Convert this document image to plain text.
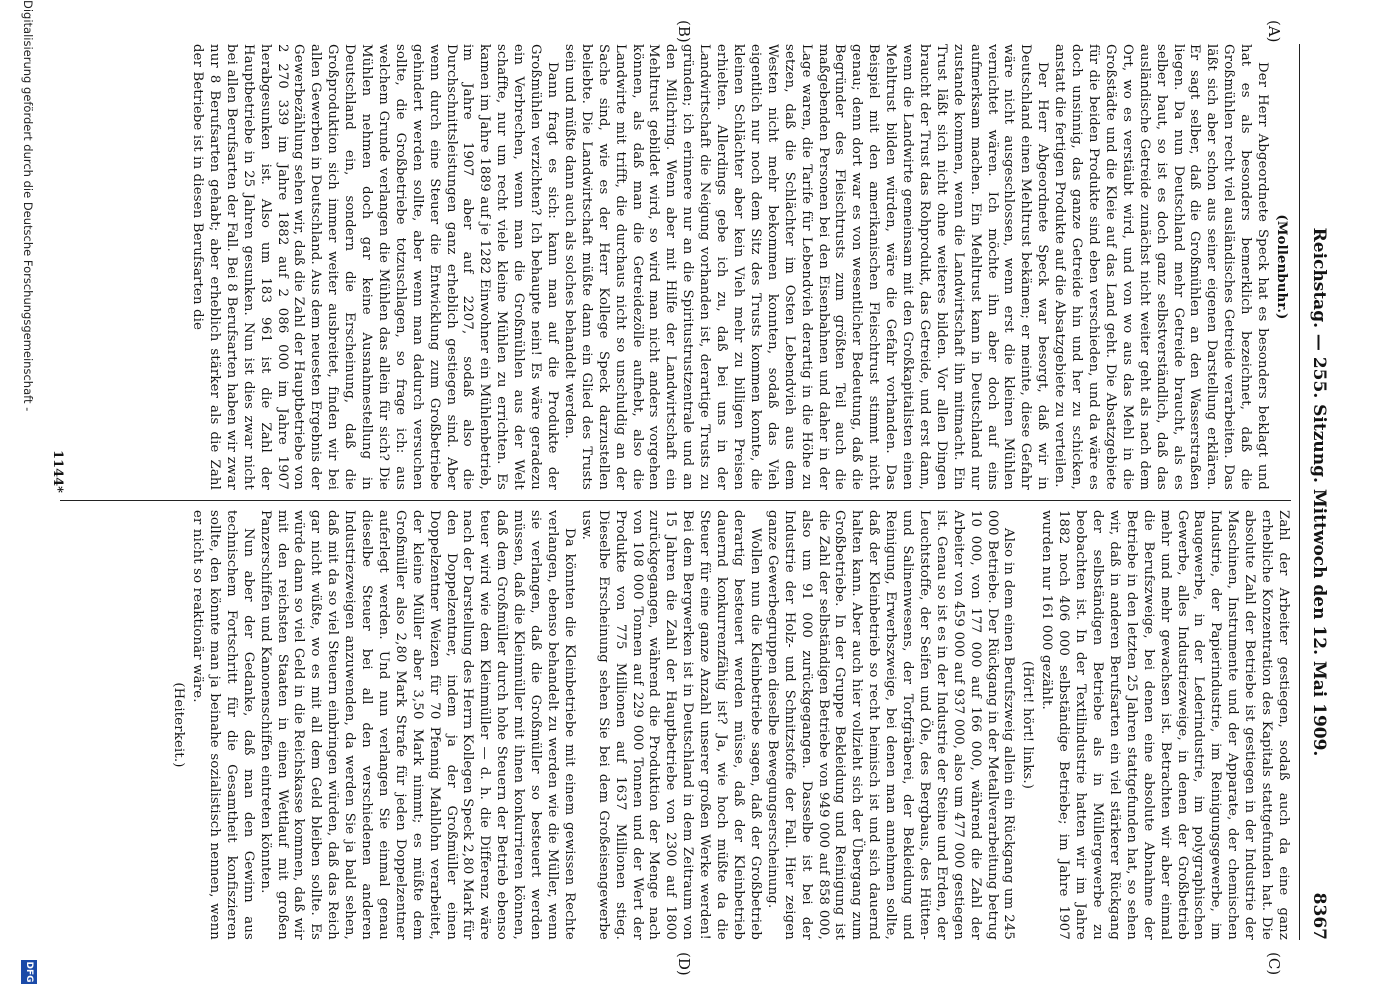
Reichstag. — 255. Sitzung. Mittwoch den 12. Mai 1909.
8367
(A)
(B)
(C)
(D)

(Mollenbuhr.)

Der Herr Abgeordnete Speck hat es besonders beklagt und hat es als besonders bemerklich bezeichnet, daß die Großmühlen recht viel ausländisches Getreide verarbeiten. Das läßt sich aber schon aus seiner eigenen Darstellung erklären. Er sagt selber, daß die Großmühlen an den Wasserstraßen liegen. Da nun Deutschland mehr Getreide braucht, als es selber baut, so ist es doch ganz selbstverständlich, daß das ausländische Getreide zunächst nicht weiter geht als nach dem Ort, wo es verstäubt wird, und von wo aus das Mehl in die Großstädte und die Kleie auf das Land geht. Die Absatzgebiete für die beiden Produkte sind eben verschieden, und da wäre es doch unsinnig, das ganze Getreide hin und her zu schicken, anstatt die fertigen Produkte auf die Absatzgebiete zu verteilen.

Der Herr Abgeordnete Speck war besorgt, daß wir in Deutschland einen Mehltrust bekämen; er meinte, diese Gefahr wäre nicht ausgeschlossen, wenn erst die kleinen Mühlen vernichtet wären. Ich möchte ihn aber doch auf eins aufmerksam machen. Ein Mehltrust kann in Deutschland nur zustande kommen, wenn die Landwirtschaft ihn mitmacht. Ein Trust läßt sich nicht ohne weiteres bilden. Vor allen Dingen braucht der Trust das Rohprodukt, das Getreide, und erst dann, wenn die Landwirte gemeinsam mit den Großkapitalisten einen Mehltrust bilden würden, wäre die Gefahr vorhanden. Das Beispiel mit den amerikanischen Fleischtrust stimmt nicht genau; denn dort war es von wesentlicher Bedeutung, daß die Begründer des Fleischtrusts zum größten Teil auch die maßgebenden Personen bei den Eisenbahnen und daher in der Lage waren, die Tarife für Lebendvieh derartig in die Höhe zu setzen, daß die Schlächter im Osten Lebendvieh aus dem Westen nicht mehr bekommen konnten, sodaß das Vieh eigentlich nur noch dem Sitz des Trusts kommen konnte, die kleinen Schlächter aber kein Vieh mehr zu billigen Preisen erhielten. Allerdings gebe ich zu, daß bei uns in der Landwirtschaft die Neigung vorhanden ist, derartige Trusts zu gründen; ich erinnere nur an die Spiritustrustzentrale und an den Milchring. Wenn aber mit Hilfe der Landwirtschaft ein Mehltrust gebildet wird, so wird man nicht anders vorgehen können, als daß man die Getreidezölle aufhebt, also die Landwirte mit trifft, die durchaus nicht so unschuldig an der Sache sind, wie es der Herr Kollege Speck darzustellen beliebte. Die Landwirtschaft müßte dann ein Glied des Trusts sein und müßte dann auch als solches behandelt werden.

Dann fragt es sich: kann man auf die Produkte der Großmühlen verzichten? Ich behaupte nein! Es wäre geradezu ein Verbrechen, wenn man die Großmühlen aus der Welt schaffte, nur um recht viele kleine Mühlen zu errichten. Es kamen im Jahre 1889 auf je 1282 Einwohner ein Mühlenbetrieb, im Jahre 1907 aber auf 2207, sodaß also die Durchschnittsleistungen ganz erheblich gestiegen sind. Aber wenn durch eine Steuer die Entwicklung zum Großbetriebe gehindert werden sollte, aber wenn man dadurch versuchen sollte, die Großbetriebe totzuschlagen, so frage ich: aus welchem Grunde verlangen die Mühlen das allein für sich? Die Mühlen nehmen doch gar keine Ausnahmestellung in Deutschland ein, sondern die Erscheinung, daß die Großproduktion sich immer weiter ausbreitet, finden wir bei allen Gewerben in Deutschland. Aus dem neuesten Ergebnis der Gewerbezählung sehen wir, daß die Zahl der Hauptbetriebe von 2 270 339 im Jahre 1882 auf 2 086 000 im Jahre 1907 herabgesunken ist. Also um 183 961 ist die Zahl der Hauptbetriebe in 25 Jahren gesunken. Nun ist dies zwar nicht bei allen Berufsarten der Fall. Bei 8 Berufsarten haben wir zwar nur 8 Berufsarten gehabt; aber erheblich stärker als die Zahl der Betriebe ist in diesen Berufsarten die

Zahl der Arbeiter gestiegen, sodaß auch da eine ganz erhebliche Konzentration des Kapitals stattgefunden hat. Die absolute Zahl der Betriebe ist gestiegen in der Industrie der Maschinen, Instrumente und der Apparate, der chemischen Industrie, der Papierindustrie, im Reinigungsgewerbe, im Baugewerbe, in der Lederindustrie, im polygraphischen Gewerbe, alles Industriezweige, in denen der Großbetrieb mehr und mehr gewachsen ist. Betrachten wir aber einmal die Berufszweige, bei denen eine absolute Abnahme der Betriebe in den letzten 25 Jahren stattgefunden hat, so sehen wir, daß in anderen Berufsarten ein viel stärkerer Rückgang der selbständigen Betriebe als in Müllergewerbe zu beobachten ist. In der Textilindustrie hatten wir im Jahre 1882 noch 406 000 selbständige Betriebe; im Jahre 1907 wurden nur 161 000 gezählt.

(Hört! hört! links.)

Also in dem einen Berufszweig allein ein Rückgang um 245 000 Betriebe. Der Rückgang in der Metallverarbeitung betrug 10 000, von 177 000 auf 166 000, während die Zahl der Arbeiter von 459 000 auf 937 000, also um 477 000 gestiegen ist. Genau so ist es in der Industrie der Steine und Erden, der Leuchtstoffe, der Seifen und Öle, des Bergbaus, des Hütten- und Salinenwesens, der Torfgräberei, der Bekleidung und Reinigung, Erwerbszweige, bei denen man annehmen sollte, daß der Kleinbetrieb so recht heimisch ist und sich dauernd halten kann. Aber auch hier vollzieht sich der Übergang zum Großbetriebe. In der Gruppe Bekleidung und Reinigung ist die Zahl der selbständigen Betriebe von 949 000 auf 858 000, also um 91 000 zurückgegangen. Dasselbe ist bei der Industrie der Holz- und Schnitzstoffe der Fall. Hier zeigen ganze Gewerbegruppen dieselbe Bewegungserscheinung.

Wollen nun die Kleinbetriebe sagen, daß der Großbetrieb derartig besteuert werden müsse, daß der Kleinbetrieb dauernd konkurrenzfähig ist? Ja, wie hoch müßte da die Steuer für eine ganze Anzahl unserer großen Werke werden! Bei dem Bergwerken ist in Deutschland in dem Zeitraum von 15 Jahren die Zahl der Hauptbetriebe von 2300 auf 1800 zurückgegangen, während die Produktion der Menge nach von 108 000 Tonnen auf 229 000 Tonnen und der Wert der Produkte von 775 Millionen auf 1637 Millionen stieg. Dieselbe Erscheinung sehen Sie bei dem Großeisengewerbe usw.

Da könnten die Kleinbetriebe mit einem gewissen Rechte verlangen, ebenso behandelt zu werden wie die Müller, wenn sie verlangen, daß die Großmüller so besteuert werden müssen, daß die Kleinmüller mit ihnen konkurrieren können, daß dem Großmüller durch hohe Steuern der Betrieb ebenso teuer wird wie dem Kleinmüller — d. h. die Differenz wäre nach der Darstellung des Herrn Kollegen Speck 2,80 Mark für den Doppelzentner, indem ja der Großmüller einen Doppelzentner Weizen für 70 Pfennig Mahllohn verarbeitet, der kleine Müller aber 3,50 Mark nimmt; es müßte dem Großmüller also 2,80 Mark Strafe für jeden Doppelzentner auferlegt werden. Und nun verlangen Sie einmal genau dieselbe Steuer bei all den verschiedenen anderen Industriezweigen anzuwenden, da werden Sie ja bald sehen, daß mit da so viel Steuern einbringen würden, daß das Reich gar nicht wüßte, wo es mit all dem Geld bleiben sollte. Es würde dann so viel Geld in die Reichskasse kommen, daß wir mit den reichsten Staaten in einen Wettlauf mit großen Panzerschiffen und Kanonenschiffen eintreten könnten.

Nun aber der Gedanke, daß man den Gewinn aus technischem Fortschritt für die Gesamtheit konfiszieren sollte, den könnte man ja beinahe sozialistisch nennen, wenn er nicht so reaktionär wäre.

(Heiterkeit.)

1144*
Digitalisierung gefördert durch die Deutsche Forschungsgemeinschaft -
DFG
